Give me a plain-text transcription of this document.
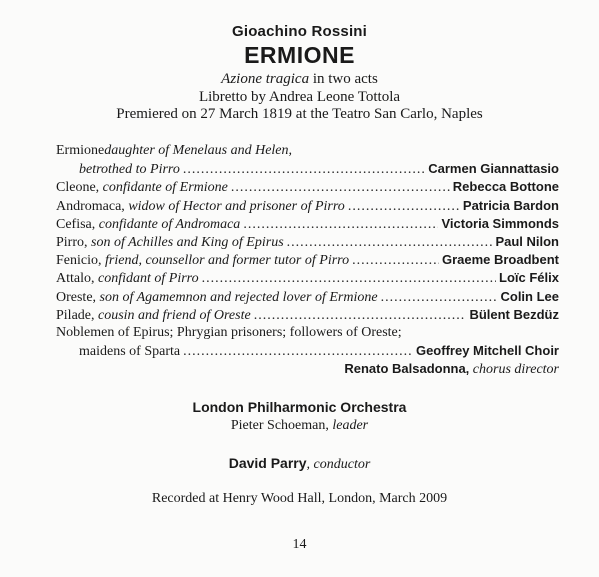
Gioachino Rossini
ERMIONE
Azione tragica in two acts
Libretto by Andrea Leone Tottola
Premiered on 27 March 1819 at the Teatro San Carlo, Naples
Ermione daughter of Menelaus and Helen,
betrothed to Pirro .....	Carmen Giannattasio
Cleone, confidante of Ermione .....	Rebecca Bottone
Andromaca, widow of Hector and prisoner of Pirro .....	Patricia Bardon
Cefisa, confidante of Andromaca .....	Victoria Simmonds
Pirro, son of Achilles and King of Epirus .....	Paul Nilon
Fenicio, friend, counsellor and former tutor of Pirro .....	Graeme Broadbent
Attalo, confidant of Pirro .....	Loïc Félix
Oreste, son of Agamemnon and rejected lover of Ermione .....	Colin Lee
Pilade, cousin and friend of Oreste .....	Bülent Bezdüz
Noblemen of Epirus; Phrygian prisoners; followers of Oreste;
maidens of Sparta .....	Geoffrey Mitchell Choir
Renato Balsadonna, chorus director
London Philharmonic Orchestra
Pieter Schoeman, leader
David Parry, conductor
Recorded at Henry Wood Hall, London, March 2009
14
